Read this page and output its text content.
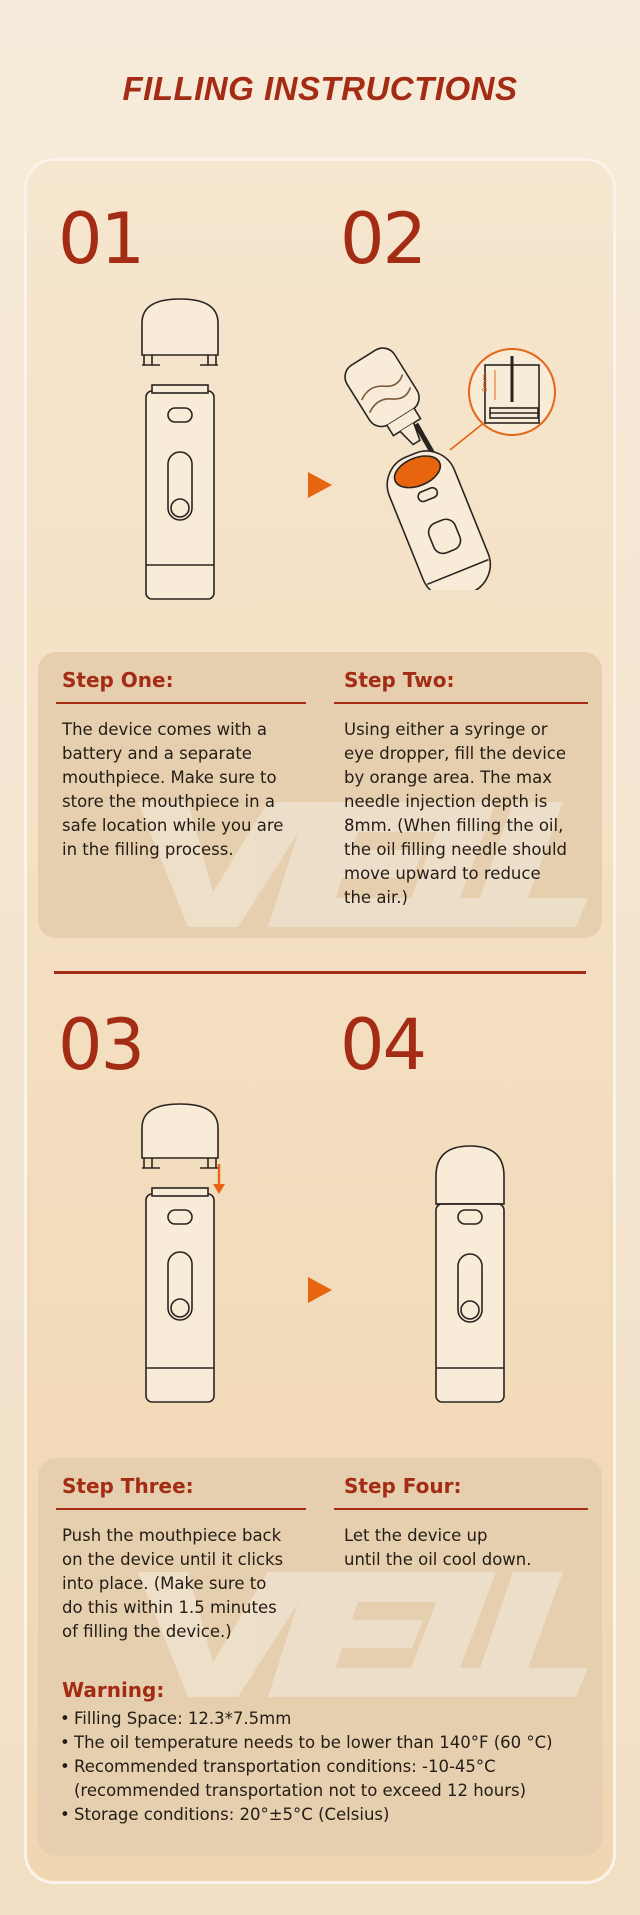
FILLING INSTRUCTIONS
01	02
03	04
8mm
Step One:
The device comes with a
battery and a separate
mouthpiece. Make sure to
store the mouthpiece in a
safe location while you are
in the filling process.
Step Two:
Using either a syringe or
eye dropper, fill the device
by orange area. The max
needle injection depth is
8mm. (When filling the oil,
the oil filling needle should
move upward to reduce
the air.)
Step Three:
Push the mouthpiece back
on the device until it clicks
into place. (Make sure to
do this within 1.5 minutes
of filling the device.)
Step Four:
Let the device up
until the oil cool down.
Warning:
• Filling Space: 12.3*7.5mm
• The oil temperature needs to be lower than 140°F (60 °C)
• Recommended transportation conditions: -10-45°C
(recommended transportation not to exceed 12 hours)
• Storage conditions: 20°±5°C (Celsius)
